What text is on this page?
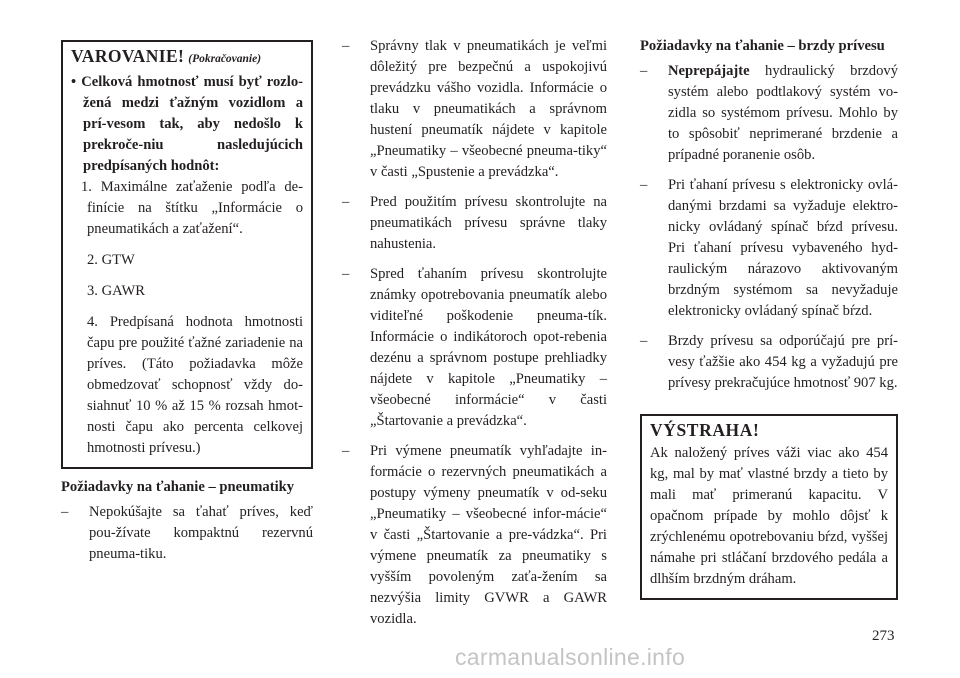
VAROVANIE! (Pokračovanie)

• Celková hmotnosť musí byť rozlo-žená medzi ťažným vozidlom a prí-vesom tak, aby nedošlo k prekroče-niu nasledujúcich predpísaných hodnôt:

1. Maximálne zaťaženie podľa de-finície na štítku „Informácie o pneumatikách a zaťažení“.

2. GTW

3. GAWR

4. Predpísaná hodnota hmotnosti čapu pre použité ťažné zariadenie na príves. (Táto požiadavka môže obmedzovať schopnosť vždy do-siahnuť 10 % až 15 % rozsah hmot-nosti čapu ako percenta celkovej hmotnosti prívesu.)

Požiadavky na ťahanie – pneumatiky

– Nepokúšajte sa ťahať príves, keď pou-žívate kompaktnú rezervnú pneuma-tiku.

– Správny tlak v pneumatikách je veľmi dôležitý pre bezpečnú a uspokojivú prevádzku vášho vozidla. Informácie o tlaku v pneumatikách a správnom hustení pneumatík nájdete v kapitole „Pneumatiky – všeobecné pneuma-tiky“ v časti „Spustenie a prevádzka“.

– Pred použitím prívesu skontrolujte na pneumatikách prívesu správne tlaky nahustenia.

– Spred ťahaním prívesu skontrolujte známky opotrebovania pneumatík alebo viditeľné poškodenie pneuma-tík. Informácie o indikátoroch opot-rebenia dezénu a správnom postupe prehliadky nájdete v kapitole „Pneumatiky – všeobecné informácie“ v časti „Štartovanie a prevádzka“.

– Pri výmene pneumatík vyhľadajte in-formácie o rezervných pneumatikách a postupy výmeny pneumatík v od-seku „Pneumatiky – všeobecné infor-mácie“ v časti „Štartovanie a pre-vádzka“. Pri výmene pneumatík za pneumatiky s vyšším povoleným zaťa-žením sa nezvýšia limity GVWR a GAWR vozidla.

Požiadavky na ťahanie – brzdy prívesu

– Neprepájajte hydraulický brzdový systém alebo podtlakový systém vo-zidla so systémom prívesu. Mohlo by to spôsobiť neprimerané brzdenie a prípadné poranenie osôb.

– Pri ťahaní prívesu s elektronicky ovlá-danými brzdami sa vyžaduje elektro-nicky ovládaný spínač bŕzd prívesu. Pri ťahaní prívesu vybaveného hyd-raulickým nárazovo aktivovaným brzdným systémom sa nevyžaduje elektronicky ovládaný spínač bŕzd.

– Brzdy prívesu sa odporúčajú pre prí-vesy ťažšie ako 454 kg a vyžadujú pre prívesy prekračujúce hmotnosť 907 kg.

VÝSTRAHA!

Ak naložený príves váži viac ako 454 kg, mal by mať vlastné brzdy a tieto by mali mať primeranú kapacitu. V opačnom prípade by mohlo dôjsť k zrýchlenému opotrebovaniu bŕzd, vyššej námahe pri stláčaní brzdového pedála a dlhším brzdným dráham.

273
carmanualsonline.info
